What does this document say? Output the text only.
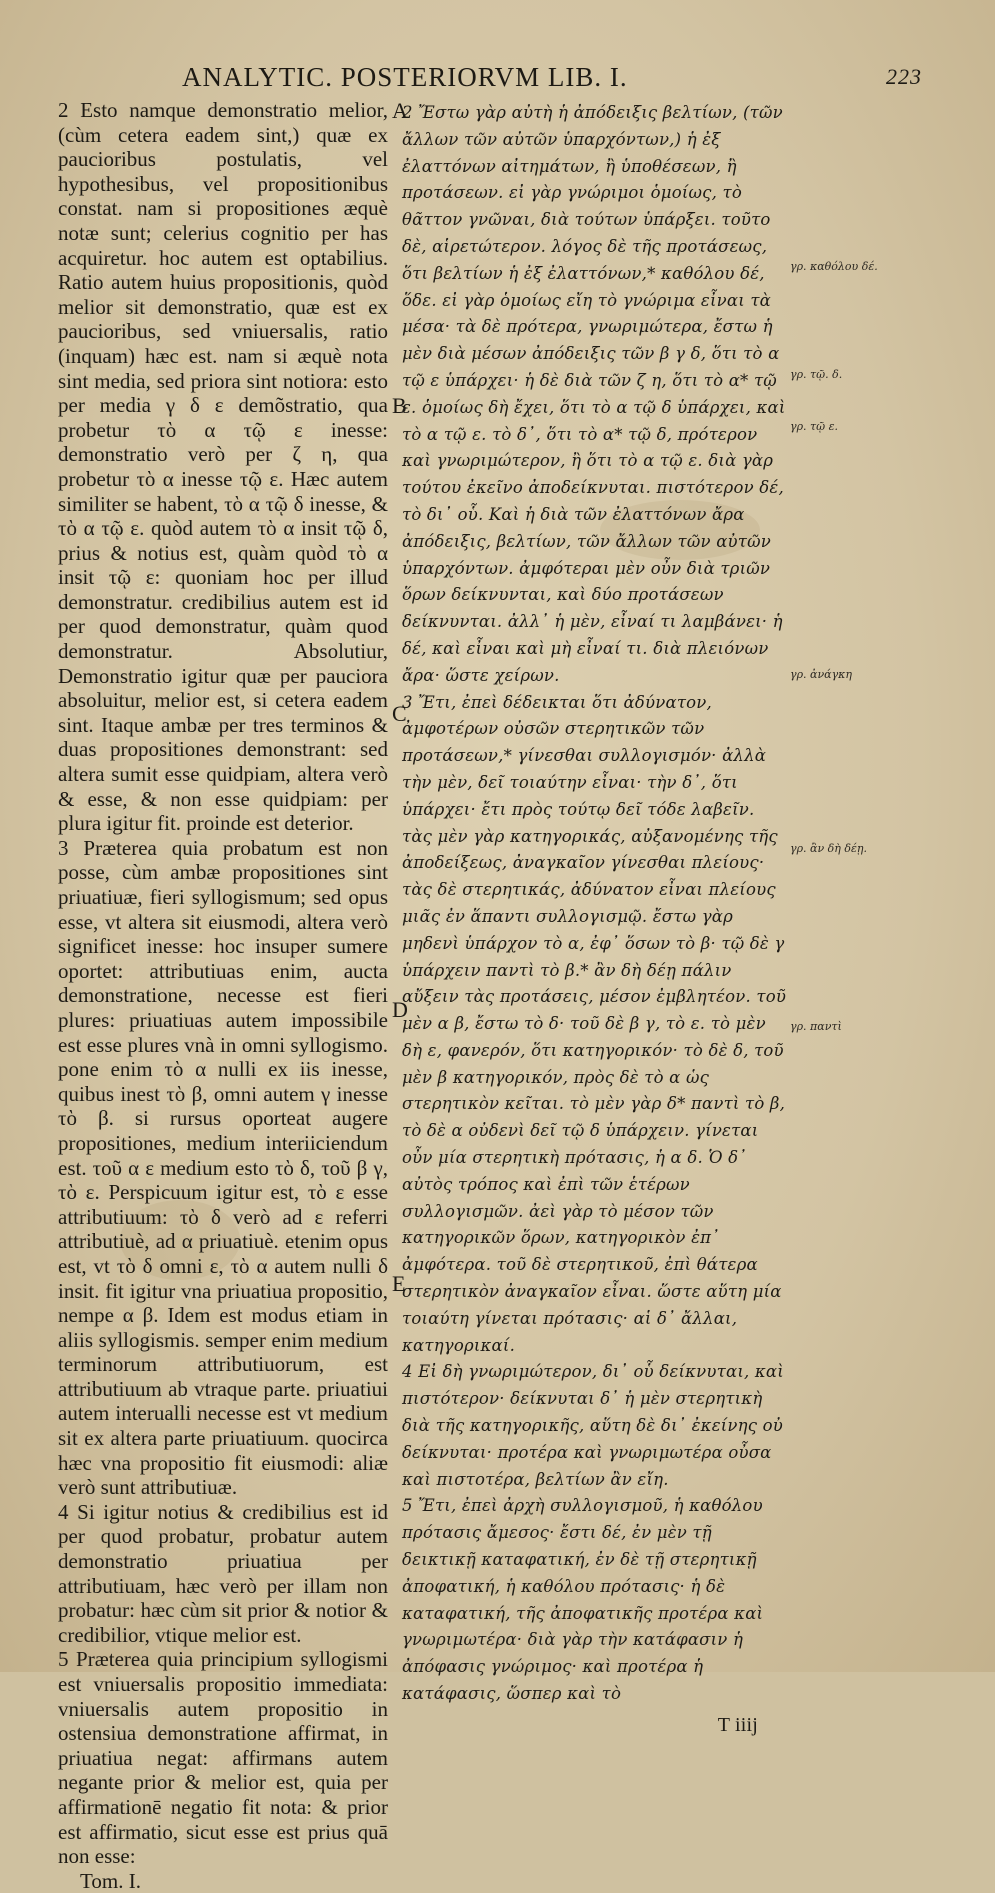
ANALYTIC. POSTERIORVM LIB. I.	223

2 Esto namque demonstratio melior, (cùm cetera eadem sint,) quæ ex paucioribus postulatis, vel hypothesibus, vel propositionibus constat. nam si propositiones æquè notæ sunt; celerius cognitio per has acquiretur. hoc autem est optabilius. Ratio autem huius propositionis, quòd melior sit demonstratio, quæ est ex paucioribus, sed vniuersalis, ratio (inquam) hæc est. nam si æquè nota sint media, sed priora sint notiora: esto per media γ δ ε demõstratio, qua probetur τὸ α τῷ ε inesse: demonstratio verò per ζ η, qua probetur τὸ α inesse τῷ ε. Hæc autem similiter se habent, τὸ α τῷ δ inesse, & τὸ α τῷ ε. quòd autem τὸ α insit τῷ δ, prius & notius est, quàm quòd τὸ α insit τῷ ε: quoniam hoc per illud demonstratur. credibilius autem est id per quod demonstratur, quàm quod demonstratur. Absolutiur, Demonstratio igitur quæ per pauciora absoluitur, melior est, si cetera eadem sint. Itaque ambæ per tres terminos & duas propositiones demonstrant: sed altera sumit esse quidpiam, altera verò & esse, & non esse quidpiam: per plura igitur fit. proinde est deterior.

3 Præterea quia probatum est non posse, cùm ambæ propositiones sint priuatiuæ, fieri syllogismum; sed opus esse, vt altera sit eiusmodi, altera verò significet inesse: hoc insuper sumere oportet: attributiuas enim, aucta demonstratione, necesse est fieri plures: priuatiuas autem impossibile est esse plures vnà in omni syllogismo. pone enim τὸ α nulli ex iis inesse, quibus inest τὸ β, omni autem γ inesse τὸ β. si rursus oporteat augere propositiones, medium interiiciendum est. τοῦ α ε medium esto τὸ δ, τοῦ β γ, τὸ ε. Perspicuum igitur est, τὸ ε esse attributiuum: τὸ δ verò ad ε referri attributiuè, ad α priuatiuè. etenim opus est, vt τὸ δ omni ε, τὸ α autem nulli δ insit. fit igitur vna priuatiua propositio, nempe α β. Idem est modus etiam in aliis syllogismis. semper enim medium terminorum attributiuorum, est attributiuum ab vtraque parte. priuatiui autem interualli necesse est vt medium sit ex altera parte priuatiuum. quocirca hæc vna propositio fit eiusmodi: aliæ verò sunt attributiuæ.

4 Si igitur notius & credibilius est id per quod probatur, probatur autem demonstratio priuatiua per attributiuam, hæc verò per illam non probatur: hæc cùm sit prior & notior & credibilior, vtique melior est.

5 Præterea quia principium syllogismi est vniuersalis propositio immediata: vniuersalis autem propositio in ostensiua demonstratione affirmat, in priuatiua negat: affirmans autem negante prior & melior est, quia per affirmationē negatio fit nota: & prior est affirmatio, sicut esse est prius quā non esse:

Tom. I.

A
B
C
D
E

2 Ἔστω γὰρ αὐτὴ ἡ ἀπόδειξις βελτίων, (τῶν ἄλλων τῶν αὐτῶν ὑπαρχόντων,) ἡ ἐξ ἐλαττόνων αἰτημάτων, ἢ ὑποθέσεων, ἢ προτάσεων. εἰ γὰρ γνώριμοι ὁμοίως, τὸ θᾶττον γνῶναι, διὰ τούτων ὑπάρξει. τοῦτο δὲ, αἱρετώτερον. λόγος δὲ τῆς προτάσεως, ὅτι βελτίων ἡ ἐξ ἐλαττόνων,* καθόλου δέ, ὅδε. εἰ γὰρ ὁμοίως εἴη τὸ γνώριμα εἶναι τὰ μέσα· τὰ δὲ πρότερα, γνωριμώτερα, ἔστω ἡ μὲν διὰ μέσων ἀπόδειξις τῶν β γ δ, ὅτι τὸ α τῷ ε ὑπάρχει· ἡ δὲ διὰ τῶν ζ η, ὅτι τὸ α* τῷ ε. ὁμοίως δὴ ἔχει, ὅτι τὸ α τῷ δ ὑπάρχει, καὶ τὸ α τῷ ε. τὸ δ᾽, ὅτι τὸ α* τῷ δ, πρότερον καὶ γνωριμώτερον, ἢ ὅτι τὸ α τῷ ε. διὰ γὰρ τούτου ἐκεῖνο ἀποδείκνυται. πιστότερον δέ, τὸ δι᾽ οὗ. Καὶ ἡ διὰ τῶν ἐλαττόνων ἄρα ἀπόδειξις, βελτίων, τῶν ἄλλων τῶν αὐτῶν ὑπαρχόντων. ἀμφότεραι μὲν οὖν διὰ τριῶν ὅρων δείκνυνται, καὶ δύο προτάσεων δείκνυνται. ἀλλ᾽ ἡ μὲν, εἶναί τι λαμβάνει· ἡ δέ, καὶ εἶναι καὶ μὴ εἶναί τι. διὰ πλειόνων ἄρα· ὥστε χείρων.

3 Ἔτι, ἐπεὶ δέδεικται ὅτι ἀδύνατον, ἀμφοτέρων οὐσῶν στερητικῶν τῶν προτάσεων,* γίνεσθαι συλλογισμόν· ἀλλὰ τὴν μὲν, δεῖ τοιαύτην εἶναι· τὴν δ᾽, ὅτι ὑπάρχει· ἔτι πρὸς τούτῳ δεῖ τόδε λαβεῖν. τὰς μὲν γὰρ κατηγορικάς, αὐξανομένης τῆς ἀποδείξεως, ἀναγκαῖον γίνεσθαι πλείους· τὰς δὲ στερητικάς, ἀδύνατον εἶναι πλείους μιᾶς ἐν ἅπαντι συλλογισμῷ. ἔστω γὰρ μηδενὶ ὑπάρχον τὸ α, ἐφ᾽ ὅσων τὸ β· τῷ δὲ γ ὑπάρχειν παντὶ τὸ β.* ἂν δὴ δέῃ πάλιν αὔξειν τὰς προτάσεις, μέσον ἐμβλητέον. τοῦ μὲν α β, ἔστω τὸ δ· τοῦ δὲ β γ, τὸ ε. τὸ μὲν δὴ ε, φανερόν, ὅτι κατηγορικόν· τὸ δὲ δ, τοῦ μὲν β κατηγορικόν, πρὸς δὲ τὸ α ὡς στερητικὸν κεῖται. τὸ μὲν γὰρ δ* παντὶ τὸ β, τὸ δὲ α οὐδενὶ δεῖ τῷ δ ὑπάρχειν. γίνεται οὖν μία στερητικὴ πρότασις, ἡ α δ. Ὁ δ᾽ αὐτὸς τρόπος καὶ ἐπὶ τῶν ἑτέρων συλλογισμῶν. ἀεὶ γὰρ τὸ μέσον τῶν κατηγορικῶν ὅρων, κατηγορικὸν ἐπ᾽ ἀμφότερα. τοῦ δὲ στερητικοῦ, ἐπὶ θάτερα στερητικὸν ἀναγκαῖον εἶναι. ὥστε αὕτη μία τοιαύτη γίνεται πρότασις· αἱ δ᾽ ἄλλαι, κατηγορικαί.

4 Εἰ δὴ γνωριμώτερον, δι᾽ οὗ δείκνυται, καὶ πιστότερον· δείκνυται δ᾽ ἡ μὲν στερητικὴ διὰ τῆς κατηγορικῆς, αὕτη δὲ δι᾽ ἐκείνης οὐ δείκνυται· προτέρα καὶ γνωριμωτέρα οὖσα καὶ πιστοτέρα, βελτίων ἂν εἴη.

5 Ἔτι, ἐπεὶ ἀρχὴ συλλογισμοῦ, ἡ καθόλου πρότασις ἄμεσος· ἔστι δέ, ἐν μὲν τῇ δεικτικῇ καταφατική, ἐν δὲ τῇ στερητικῇ ἀποφατική, ἡ καθόλου πρότασις· ἡ δὲ καταφατική, τῆς ἀποφατικῆς προτέρα καὶ γνωριμωτέρα· διὰ γὰρ τὴν κατάφασιν ἡ ἀπόφασις γνώριμος· καὶ προτέρα ἡ κατάφασις, ὥσπερ καὶ τὸ

T iiij

γρ. καθόλου δέ.
γρ. τῷ. δ.
γρ. τῷ ε.
γρ. ἀνάγκη
γρ. ἂν δὴ δέῃ.
γρ. παντὶ
